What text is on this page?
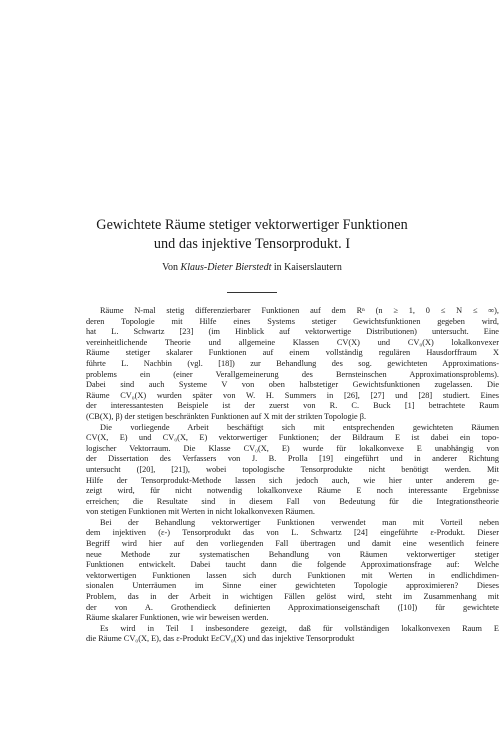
Gewichtete Räume stetiger vektorwertiger Funktionen
und das injektive Tensorprodukt. I
Von Klaus-Dieter Bierstedt in Kaiserslautern
Räume N-mal stetig differenzierbarer Funktionen auf dem Rⁿ (n ≥ 1, 0 ≤ N ≤ ∞),
deren Topologie mit Hilfe eines Systems stetiger Gewichtsfunktionen gegeben wird,
hat L. Schwartz [23] (im Hinblick auf vektorwertige Distributionen) untersucht. Eine
vereinheitlichende Theorie und allgemeine Klassen CV(X) und CV₀(X) lokalkonvexer
Räume stetiger skalarer Funktionen auf einem vollständig regulären Hausdorffraum X
führte L. Nachbin (vgl. [18]) zur Behandlung des sog. gewichteten Approximations-
problems ein (einer Verallgemeinerung des Bernsteinschen Approximationsproblems).
Dabei sind auch Systeme V von oben halbstetiger Gewichtsfunktionen zugelassen. Die
Räume CV₀(X) wurden später von W. H. Summers in [26], [27] und [28] studiert. Eines
der interessantesten Beispiele ist der zuerst von R. C. Buck [1] betrachtete Raum
(CB(X), β) der stetigen beschränkten Funktionen auf X mit der strikten Topologie β.
Die vorliegende Arbeit beschäftigt sich mit entsprechenden gewichteten Räumen
CV(X, E) und CV₀(X, E) vektorwertiger Funktionen; der Bildraum E ist dabei ein topo-
logischer Vektorraum. Die Klasse CV₀(X, E) wurde für lokalkonvexe E unabhängig von
der Dissertation des Verfassers von J. B. Prolla [19] eingeführt und in anderer Richtung
untersucht ([20], [21]), wobei topologische Tensorprodukte nicht benötigt werden. Mit
Hilfe der Tensorprodukt-Methode lassen sich jedoch auch, wie hier unter anderem ge-
zeigt wird, für nicht notwendig lokalkonvexe Räume E noch interessante Ergebnisse
erreichen; die Resultate sind in diesem Fall von Bedeutung für die Integrationstheorie
von stetigen Funktionen mit Werten in nicht lokalkonvexen Räumen.
Bei der Behandlung vektorwertiger Funktionen verwendet man mit Vorteil neben
dem injektiven (ε-) Tensorprodukt das von L. Schwartz [24] eingeführte ε-Produkt. Dieser
Begriff wird hier auf den vorliegenden Fall übertragen und damit eine wesentlich feinere
neue Methode zur systematischen Behandlung von Räumen vektorwertiger stetiger
Funktionen entwickelt. Dabei taucht dann die folgende Approximationsfrage auf: Welche
vektorwertigen Funktionen lassen sich durch Funktionen mit Werten in endlichdimen-
sionalen Unterräumen im Sinne einer gewichteten Topologie approximieren? Dieses
Problem, das in der Arbeit in wichtigen Fällen gelöst wird, steht im Zusammenhang mit
der von A. Grothendieck definierten Approximationseigenschaft ([10]) für gewichtete
Räume skalarer Funktionen, wie wir beweisen werden.
Es wird in Teil I insbesondere gezeigt, daß für vollständigen lokalkonvexen Raum E
die Räume CV₀(X, E), das ε-Produkt EεCV₀(X) und das injektive Tensorprodukt
